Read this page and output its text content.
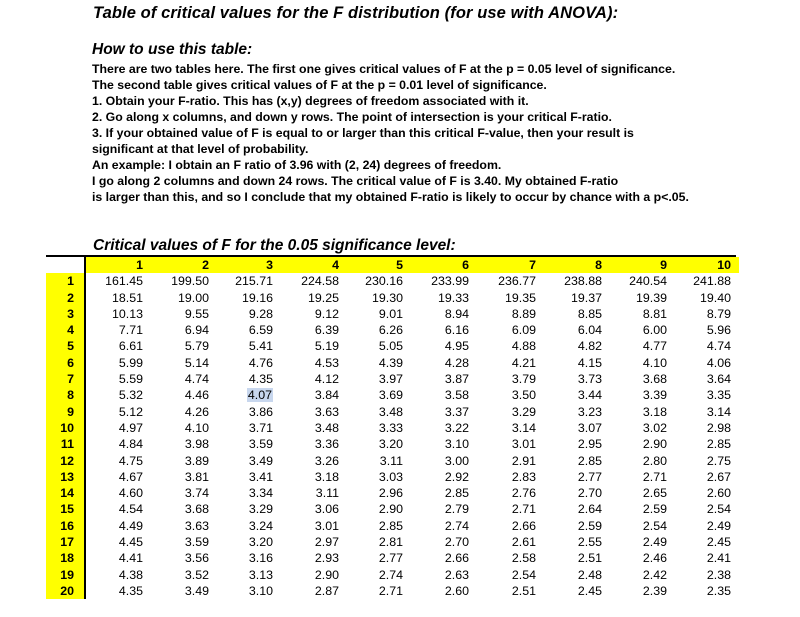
Table of critical values for the F distribution (for use with ANOVA):
How to use this table:
There are two tables here. The first one gives critical values of F at the p = 0.05 level of significance.
The second table gives critical values of F at the p = 0.01 level of significance.
1. Obtain your F-ratio. This has (x,y) degrees of freedom associated with it.
2. Go along x columns, and down y rows. The point of intersection is your critical F-ratio.
3. If your obtained value of F is equal to or larger than this critical F-value, then your result is
significant at that level of probability.
An example: I obtain an F ratio of 3.96 with (2, 24) degrees of freedom.
I go along 2 columns and down 24 rows. The critical value of F is 3.40. My obtained F-ratio
is larger than this, and so I conclude that my obtained F-ratio is likely to occur by chance with a p<.05.
Critical values of F for the 0.05 significance level:
	1	2	3	4	5	6	7	8	9	10
1	161.45	199.50	215.71	224.58	230.16	233.99	236.77	238.88	240.54	241.88
2	18.51	19.00	19.16	19.25	19.30	19.33	19.35	19.37	19.39	19.40
3	10.13	9.55	9.28	9.12	9.01	8.94	8.89	8.85	8.81	8.79
4	7.71	6.94	6.59	6.39	6.26	6.16	6.09	6.04	6.00	5.96
5	6.61	5.79	5.41	5.19	5.05	4.95	4.88	4.82	4.77	4.74
6	5.99	5.14	4.76	4.53	4.39	4.28	4.21	4.15	4.10	4.06
7	5.59	4.74	4.35	4.12	3.97	3.87	3.79	3.73	3.68	3.64
8	5.32	4.46	4.07	3.84	3.69	3.58	3.50	3.44	3.39	3.35
9	5.12	4.26	3.86	3.63	3.48	3.37	3.29	3.23	3.18	3.14
10	4.97	4.10	3.71	3.48	3.33	3.22	3.14	3.07	3.02	2.98
11	4.84	3.98	3.59	3.36	3.20	3.10	3.01	2.95	2.90	2.85
12	4.75	3.89	3.49	3.26	3.11	3.00	2.91	2.85	2.80	2.75
13	4.67	3.81	3.41	3.18	3.03	2.92	2.83	2.77	2.71	2.67
14	4.60	3.74	3.34	3.11	2.96	2.85	2.76	2.70	2.65	2.60
15	4.54	3.68	3.29	3.06	2.90	2.79	2.71	2.64	2.59	2.54
16	4.49	3.63	3.24	3.01	2.85	2.74	2.66	2.59	2.54	2.49
17	4.45	3.59	3.20	2.97	2.81	2.70	2.61	2.55	2.49	2.45
18	4.41	3.56	3.16	2.93	2.77	2.66	2.58	2.51	2.46	2.41
19	4.38	3.52	3.13	2.90	2.74	2.63	2.54	2.48	2.42	2.38
20	4.35	3.49	3.10	2.87	2.71	2.60	2.51	2.45	2.39	2.35
